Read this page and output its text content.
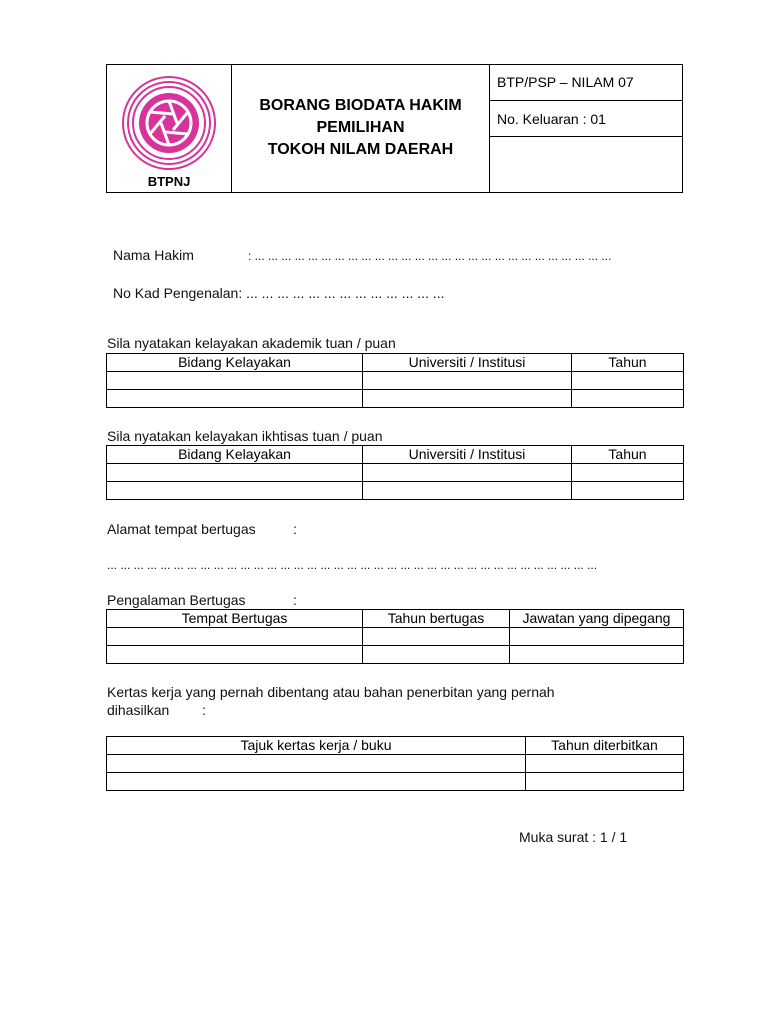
BTPNJ
BORANG BIODATA HAKIM
PEMILIHAN
TOKOH NILAM DAERAH
BTP/PSP – NILAM 07
No. Keluaran : 01
Nama Hakim	: ... ... ... ... ... ... ... ... ... ... ... ... ... ... ... ... ... ... ... ... ... ... ... ... ... ... ...
No Kad Pengenalan: ... ... ... ... ... ... ... ... ... ... ... ... ...
Sila nyatakan kelayakan akademik tuan / puan
Bidang Kelayakan	Universiti / Institusi	Tahun

Sila nyatakan kelayakan ikhtisas tuan / puan
Bidang Kelayakan	Universiti / Institusi	Tahun

Alamat tempat bertugas	:
... ... ... ... ... ... ... ... ... ... ... ... ... ... ... ... ... ... ... ... ... ... ... ... ... ... ... ... ... ... ... ... ... ... ... ... ...
Pengalaman Bertugas	:
Tempat Bertugas	Tahun bertugas	Jawatan yang dipegang

Kertas kerja yang pernah dibentang atau bahan penerbitan yang pernah
dihasilkan :
Tajuk kertas kerja / buku	Tahun diterbitkan

Muka surat : 1 / 1
